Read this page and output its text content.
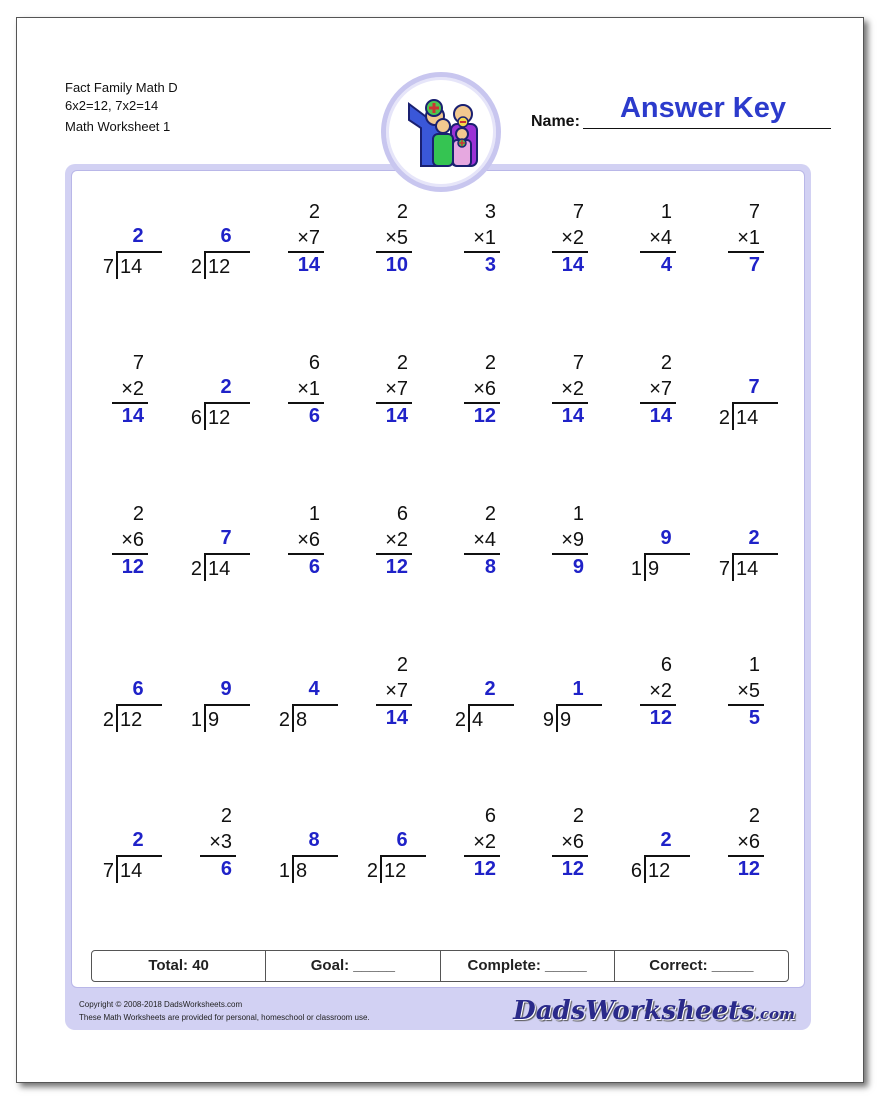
Fact Family Math D
6x2=12, 7x2=14
Math Worksheet 1	Name:	Answer Key
2
7 14
6
2 12
2
×7
14
2
×5
10
3
×1
3
7
×2
14
1
×4
4
7
×1
7
7
×2
14
2
6 12
6
×1
6
2
×7
14
2
×6
12
7
×2
14
2
×7
14
7
2 14
2
×6
12
7
2 14
1
×6
6
6
×2
12
2
×4
8
1
×9
9
9
1 9
2
7 14
6
2 12
9
1 9
4
2 8
2
×7
14
2
2 4
1
9 9
6
×2
12
1
×5
5
2
7 14
2
×3
6
8
1 8
6
2 12
6
×2
12
2
×6
12
2
6 12
2
×6
12
Total: 40	Goal: _____	Complete: _____	Correct: _____
Copyright © 2008-2018 DadsWorksheets.com
These Math Worksheets are provided for personal, homeschool or classroom use.	DadsWorksheets.com
